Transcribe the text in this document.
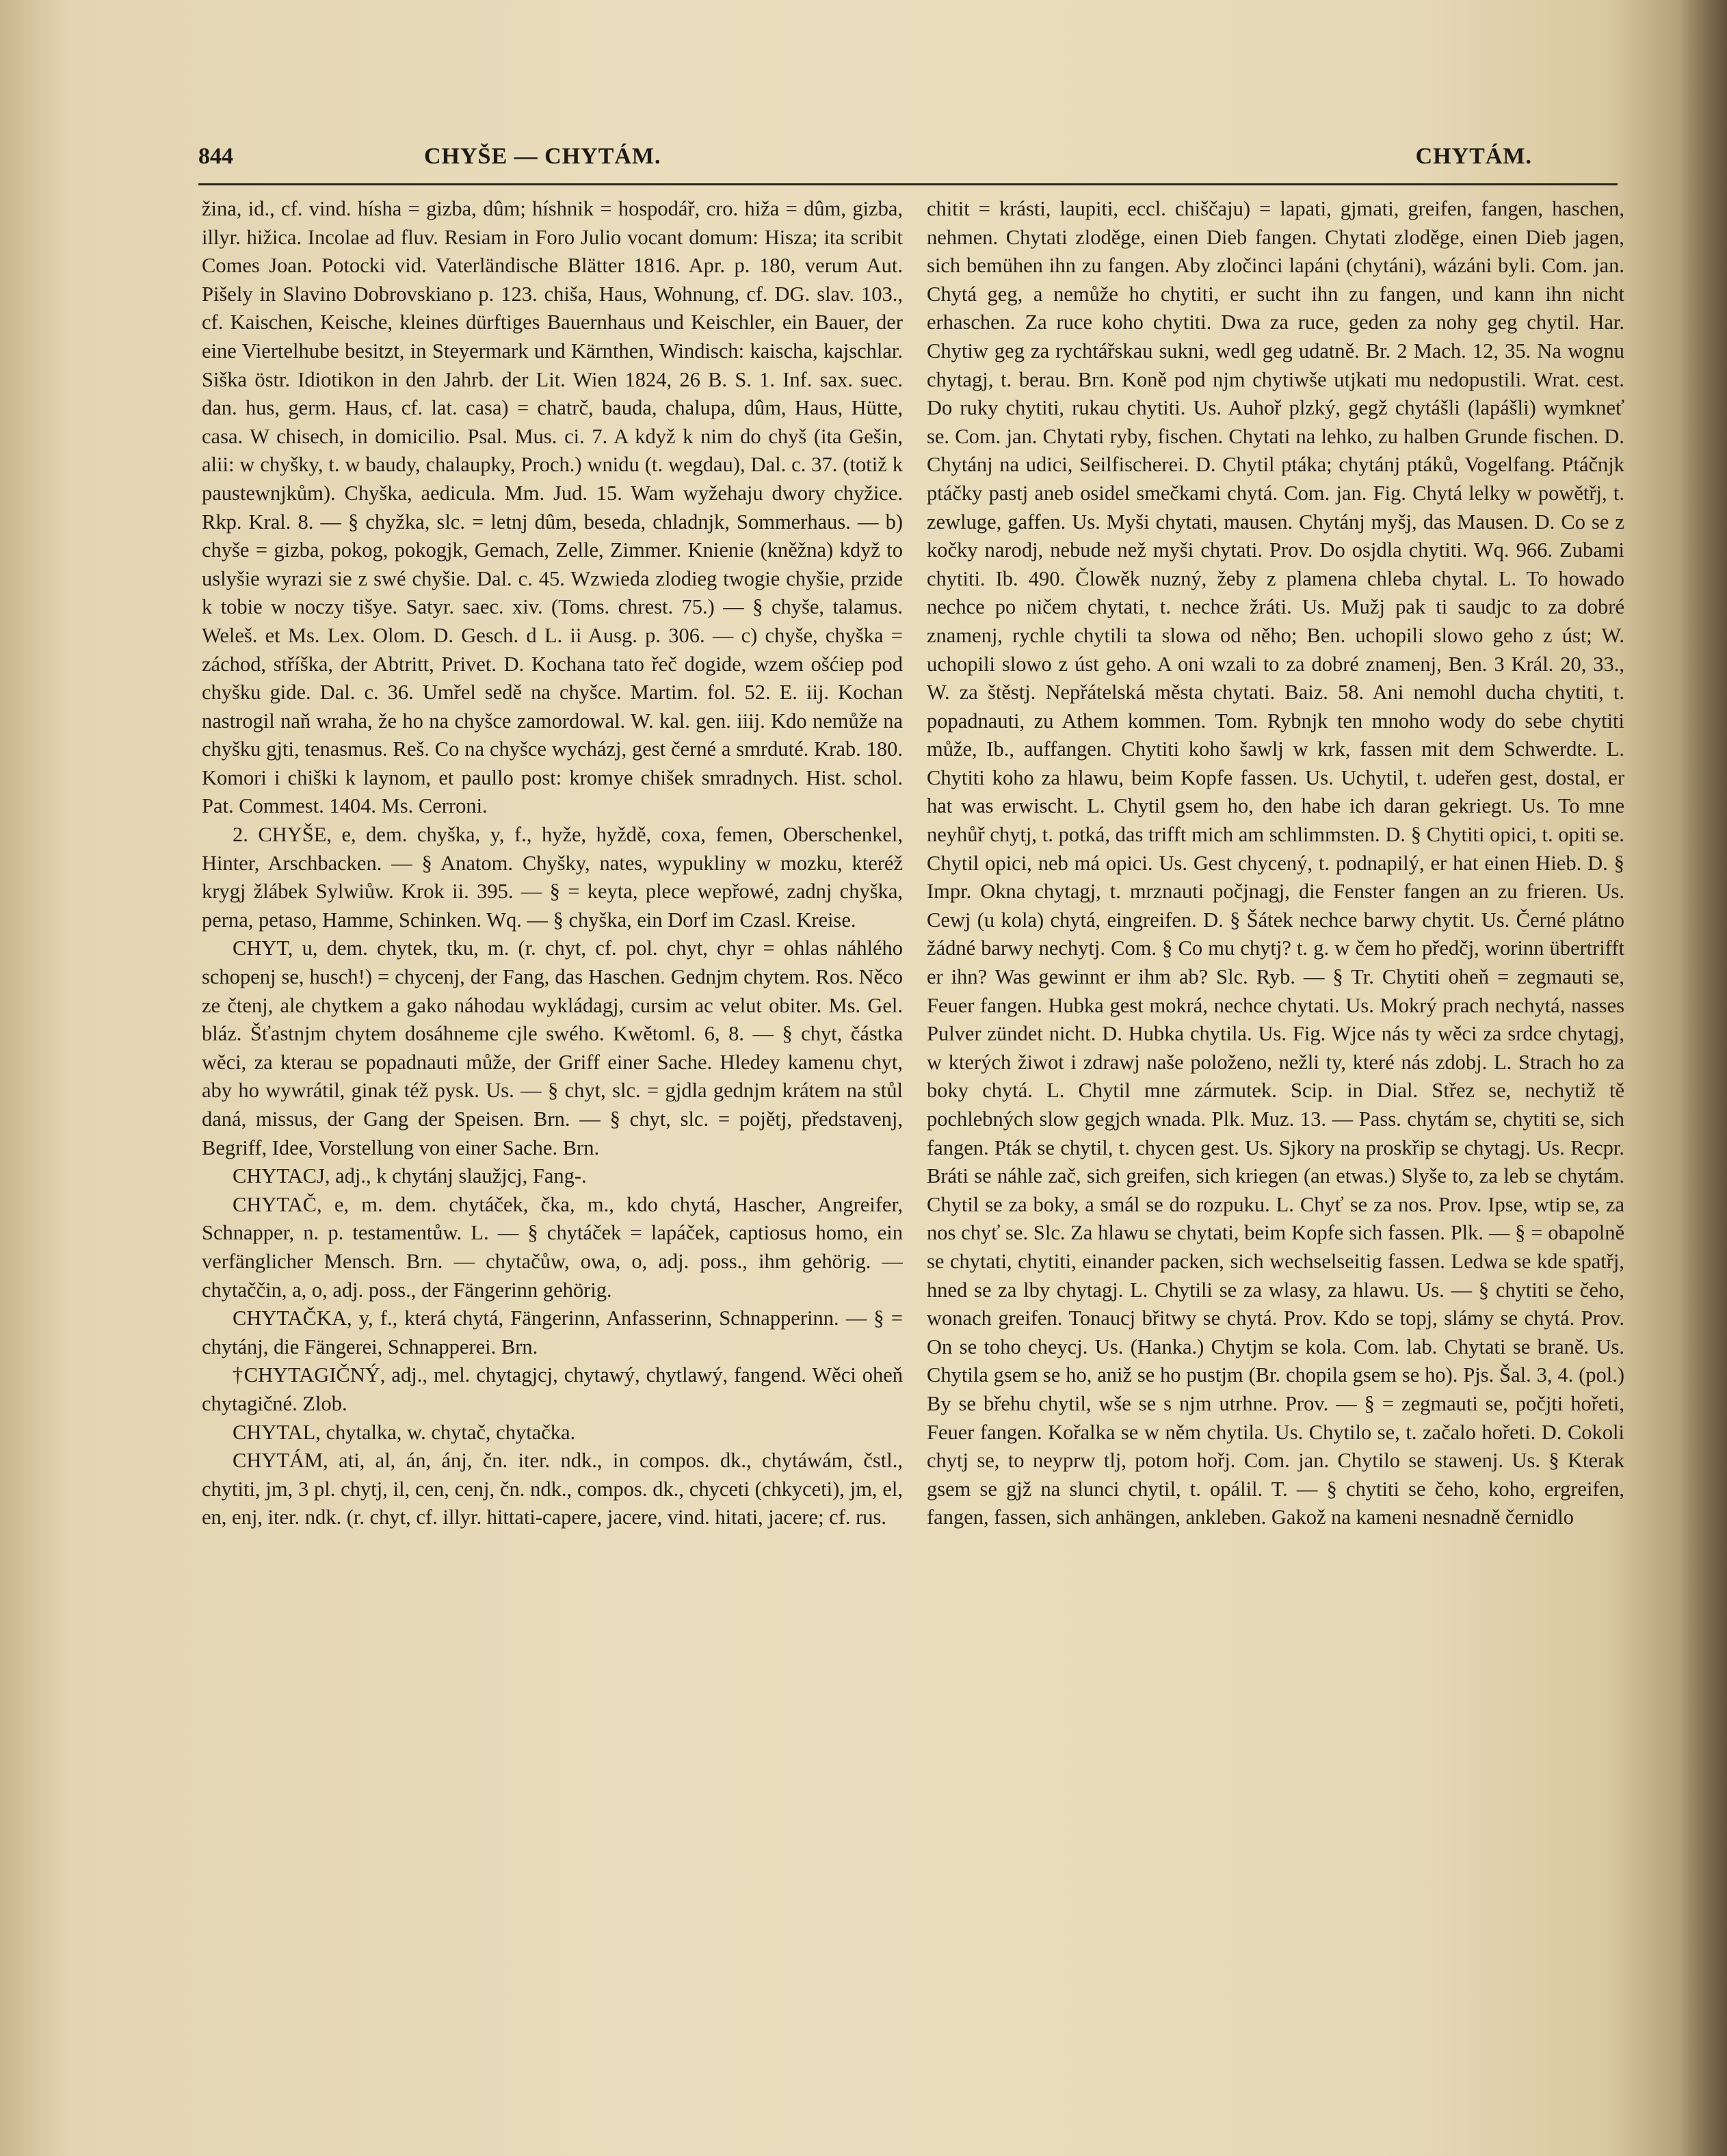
844	CHYŠE — CHYTÁM.	CHYTÁM.

žina, id., cf. vind. hísha = gizba, dûm; híshnik = hospodář, cro. hiža = dûm, gizba, illyr. hižica. Incolae ad fluv. Resiam in Foro Julio vocant domum: Hisza; ita scribit Comes Joan. Potocki vid. Vaterländische Blätter 1816. Apr. p. 180, verum Aut. Pišely in Slavino Dobrovskiano p. 123. chiša, Haus, Wohnung, cf. DG. slav. 103., cf. Kaischen, Keische, kleines dürftiges Bauernhaus und Keischler, ein Bauer, der eine Viertelhube besitzt, in Steyermark und Kärnthen, Windisch: kaischa, kajschlar. Siška östr. Idiotikon in den Jahrb. der Lit. Wien 1824, 26 B. S. 1. Inf. sax. suec. dan. hus, germ. Haus, cf. lat. casa) = chatrč, bauda, chalupa, dûm, Haus, Hütte, casa. W chisech, in domicilio. Psal. Mus. ci. 7. A když k nim do chyš (ita Gešin, alii: w chyšky, t. w baudy, chalaupky, Proch.) wnidu (t. wegdau), Dal. c. 37. (totiž k paustewnjkům). Chyška, aedicula. Mm. Jud. 15. Wam wyžehaju dwory chyžice. Rkp. Kral. 8. — § chyžka, slc. = letnj dûm, beseda, chladnjk, Sommerhaus. — b) chyše = gizba, pokog, pokogjk, Gemach, Zelle, Zimmer. Knienie (kněžna) když to uslyšie wyrazi sie z swé chyšie. Dal. c. 45. Wzwieda zlodieg twogie chyšie, przide k tobie w noczy tišye. Satyr. saec. xiv. (Toms. chrest. 75.) — § chyše, talamus. Weleš. et Ms. Lex. Olom. D. Gesch. d L. ii Ausg. p. 306. — c) chyše, chyška = záchod, stříška, der Abtritt, Privet. D. Kochana tato řeč dogide, wzem ošćiep pod chyšku gide. Dal. c. 36. Umřel sedě na chyšce. Martim. fol. 52. E. iij. Kochan nastrogil naň wraha, že ho na chyšce zamordowal. W. kal. gen. iiij. Kdo nemůže na chyšku gjti, tenasmus. Reš. Co na chyšce wycházj, gest černé a smrduté. Krab. 180. Komori i chiški k laynom, et paullo post: kromye chišek smradnych. Hist. schol. Pat. Commest. 1404. Ms. Cerroni.

2. CHYŠE, e, dem. chyška, y, f., hyže, hyždě, coxa, femen, Oberschenkel, Hinter, Arschbacken. — § Anatom. Chyšky, nates, wypukliny w mozku, kteréž krygj žlábek Sylwiůw. Krok ii. 395. — § = keyta, plece wepřowé, zadnj chyška, perna, petaso, Hamme, Schinken. Wq. — § chyška, ein Dorf im Czasl. Kreise.

CHYT, u, dem. chytek, tku, m. (r. chyt, cf. pol. chyt, chyr = ohlas náhlého schopenj se, husch!) = chycenj, der Fang, das Haschen. Gednjm chytem. Ros. Něco ze čtenj, ale chytkem a gako náhodau wykládagj, cursim ac velut obiter. Ms. Gel. bláz. Šťastnjm chytem dosáhneme cjle swého. Kwětoml. 6, 8. — § chyt, částka wěci, za kterau se popadnauti může, der Griff einer Sache. Hledey kamenu chyt, aby ho wywrátil, ginak též pysk. Us. — § chyt, slc. = gjdla gednjm krátem na stůl daná, missus, der Gang der Speisen. Brn. — § chyt, slc. = pojětj, představenj, Begriff, Idee, Vorstellung von einer Sache. Brn.

CHYTACJ, adj., k chytánj slaužjcj, Fang-.

CHYTAČ, e, m. dem. chytáček, čka, m., kdo chytá, Hascher, Angreifer, Schnapper, n. p. testamentůw. L. — § chytáček = lapáček, captiosus homo, ein verfänglicher Mensch. Brn. — chytačůw, owa, o, adj. poss., ihm gehörig. — chytaččin, a, o, adj. poss., der Fängerinn gehörig.

CHYTAČKA, y, f., která chytá, Fängerinn, Anfasserinn, Schnapperinn. — § = chytánj, die Fängerei, Schnapperei. Brn.

†CHYTAGIČNÝ, adj., mel. chytagjcj, chytawý, chytlawý, fangend. Wěci oheň chytagičné. Zlob.

CHYTAL, chytalka, w. chytač, chytačka.

CHYTÁM, ati, al, án, ánj, čn. iter. ndk., in compos. dk., chytáwám, čstl., chytiti, jm, 3 pl. chytj, il, cen, cenj, čn. ndk., compos. dk., chyceti (chkyceti), jm, el, en, enj, iter. ndk. (r. chyt, cf. illyr. hittati-capere, jacere, vind. hitati, jacere; cf. rus.

chitit = krásti, laupiti, eccl. chiščaju) = lapati, gjmati, greifen, fangen, haschen, nehmen. Chytati zloděge, einen Dieb fangen. Chytati zloděge, einen Dieb jagen, sich bemühen ihn zu fangen. Aby zločinci lapáni (chytáni), wázáni byli. Com. jan. Chytá geg, a nemůže ho chytiti, er sucht ihn zu fangen, und kann ihn nicht erhaschen. Za ruce koho chytiti. Dwa za ruce, geden za nohy geg chytil. Har. Chytiw geg za rychtářskau sukni, wedl geg udatně. Br. 2 Mach. 12, 35. Na wognu chytagj, t. berau. Brn. Koně pod njm chytiwše utjkati mu nedopustili. Wrat. cest. Do ruky chytiti, rukau chytiti. Us. Auhoř plzký, gegž chytášli (lapášli) wymkneť se. Com. jan. Chytati ryby, fischen. Chytati na lehko, zu halben Grunde fischen. D. Chytánj na udici, Seilfischerei. D. Chytil ptáka; chytánj ptáků, Vogelfang. Ptáčnjk ptáčky pastj aneb osidel smečkami chytá. Com. jan. Fig. Chytá lelky w powětřj, t. zewluge, gaffen. Us. Myši chytati, mausen. Chytánj myšj, das Mausen. D. Co se z kočky narodj, nebude než myši chytati. Prov. Do osjdla chytiti. Wq. 966. Zubami chytiti. Ib. 490. Člowěk nuzný, žeby z plamena chleba chytal. L. To howado nechce po ničem chytati, t. nechce žráti. Us. Mužj pak ti saudjc to za dobré znamenj, rychle chytili ta slowa od něho; Ben. uchopili slowo geho z úst; W. uchopili slowo z úst geho. A oni wzali to za dobré znamenj, Ben. 3 Král. 20, 33., W. za štěstj. Nepřátelská města chytati. Baiz. 58. Ani nemohl ducha chytiti, t. popadnauti, zu Athem kommen. Tom. Rybnjk ten mnoho wody do sebe chytiti může, Ib., auffangen. Chytiti koho šawlj w krk, fassen mit dem Schwerdte. L. Chytiti koho za hlawu, beim Kopfe fassen. Us. Uchytil, t. udeřen gest, dostal, er hat was erwischt. L. Chytil gsem ho, den habe ich daran gekriegt. Us. To mne neyhůř chytj, t. potká, das trifft mich am schlimmsten. D. § Chytiti opici, t. opiti se. Chytil opici, neb má opici. Us. Gest chycený, t. podnapilý, er hat einen Hieb. D. § Impr. Okna chytagj, t. mrznauti počjnagj, die Fenster fangen an zu frieren. Us. Cewj (u kola) chytá, eingreifen. D. § Šátek nechce barwy chytit. Us. Černé plátno žádné barwy nechytj. Com. § Co mu chytj? t. g. w čem ho předčj, worinn übertrifft er ihn? Was gewinnt er ihm ab? Slc. Ryb. — § Tr. Chytiti oheň = zegmauti se, Feuer fangen. Hubka gest mokrá, nechce chytati. Us. Mokrý prach nechytá, nasses Pulver zündet nicht. D. Hubka chytila. Us. Fig. Wjce nás ty wěci za srdce chytagj, w kterých žiwot i zdrawj naše položeno, nežli ty, které nás zdobj. L. Strach ho za boky chytá. L. Chytil mne zármutek. Scip. in Dial. Střez se, nechytiž tě pochlebných slow gegjch wnada. Plk. Muz. 13. — Pass. chytám se, chytiti se, sich fangen. Pták se chytil, t. chycen gest. Us. Sjkory na proskřip se chytagj. Us. Recpr. Bráti se náhle zač, sich greifen, sich kriegen (an etwas.) Slyše to, za leb se chytám. Chytil se za boky, a smál se do rozpuku. L. Chyť se za nos. Prov. Ipse, wtip se, za nos chyť se. Slc. Za hlawu se chytati, beim Kopfe sich fassen. Plk. — § = obapolně se chytati, chytiti, einander packen, sich wechselseitig fassen. Ledwa se kde spatřj, hned se za lby chytagj. L. Chytili se za wlasy, za hlawu. Us. — § chytiti se čeho, wonach greifen. Tonaucj břitwy se chytá. Prov. Kdo se topj, slámy se chytá. Prov. On se toho cheycj. Us. (Hanka.) Chytjm se kola. Com. lab. Chytati se braně. Us. Chytila gsem se ho, aniž se ho pustjm (Br. chopila gsem se ho). Pjs. Šal. 3, 4. (pol.) By se břehu chytil, wše se s njm utrhne. Prov. — § = zegmauti se, počjti hořeti, Feuer fangen. Kořalka se w něm chytila. Us. Chytilo se, t. začalo hořeti. D. Cokoli chytj se, to neyprw tlj, potom hořj. Com. jan. Chytilo se stawenj. Us. § Kterak gsem se gjž na slunci chytil, t. opálil. T. — § chytiti se čeho, koho, ergreifen, fangen, fassen, sich anhängen, ankleben. Gakož na kameni nesnadně černidlo
